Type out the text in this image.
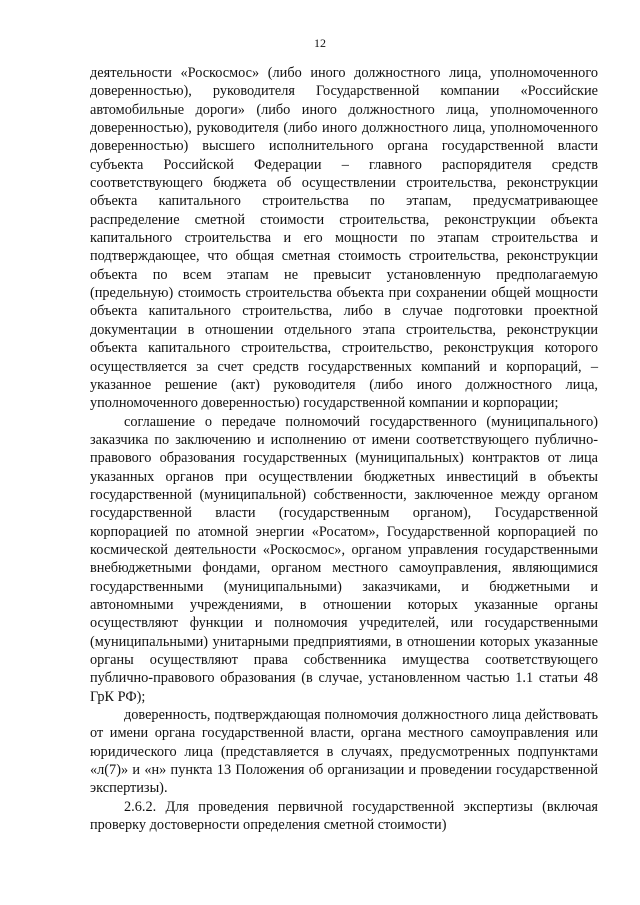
12

деятельности «Роскосмос» (либо иного должностного лица, уполномоченного доверенностью), руководителя Государственной компании «Российские автомобильные дороги» (либо иного должностного лица, уполномоченного доверенностью), руководителя (либо иного должностного лица, уполномоченного доверенностью) высшего исполнительного органа государственной власти субъекта Российской Федерации – главного распорядителя средств соответствующего бюджета об осуществлении строительства, реконструкции объекта капитального строительства по этапам, предусматривающее распределение сметной стоимости строительства, реконструкции объекта капитального строительства и его мощности по этапам строительства и подтверждающее, что общая сметная стоимость строительства, реконструкции объекта по всем этапам не превысит установленную предполагаемую (предельную) стоимость строительства объекта при сохранении общей мощности объекта капитального строительства, либо в случае подготовки проектной документации в отношении отдельного этапа строительства, реконструкции объекта капитального строительства, строительство, реконструкция которого осуществляется за счет средств государственных компаний и корпораций, – указанное решение (акт) руководителя (либо иного должностного лица, уполномоченного доверенностью) государственной компании и корпорации;

соглашение о передаче полномочий государственного (муниципального) заказчика по заключению и исполнению от имени соответствующего публично-правового образования государственных (муниципальных) контрактов от лица указанных органов при осуществлении бюджетных инвестиций в объекты государственной (муниципальной) собственности, заключенное между органом государственной власти (государственным органом), Государственной корпорацией по атомной энергии «Росатом», Государственной корпорацией по космической деятельности «Роскосмос», органом управления государственными внебюджетными фондами, органом местного самоуправления, являющимися государственными (муниципальными) заказчиками, и бюджетными и автономными учреждениями, в отношении которых указанные органы осуществляют функции и полномочия учредителей, или государственными (муниципальными) унитарными предприятиями, в отношении которых указанные органы осуществляют права собственника имущества соответствующего публично-правового образования (в случае, установленном частью 1.1 статьи 48 ГрК РФ);

доверенность, подтверждающая полномочия должностного лица действовать от имени органа государственной власти, органа местного самоуправления или юридического лица (представляется в случаях, предусмотренных подпунктами «л(7)» и «н» пункта 13 Положения об организации и проведении государственной экспертизы).

2.6.2. Для проведения первичной государственной экспертизы (включая проверку достоверности определения сметной стоимости)
